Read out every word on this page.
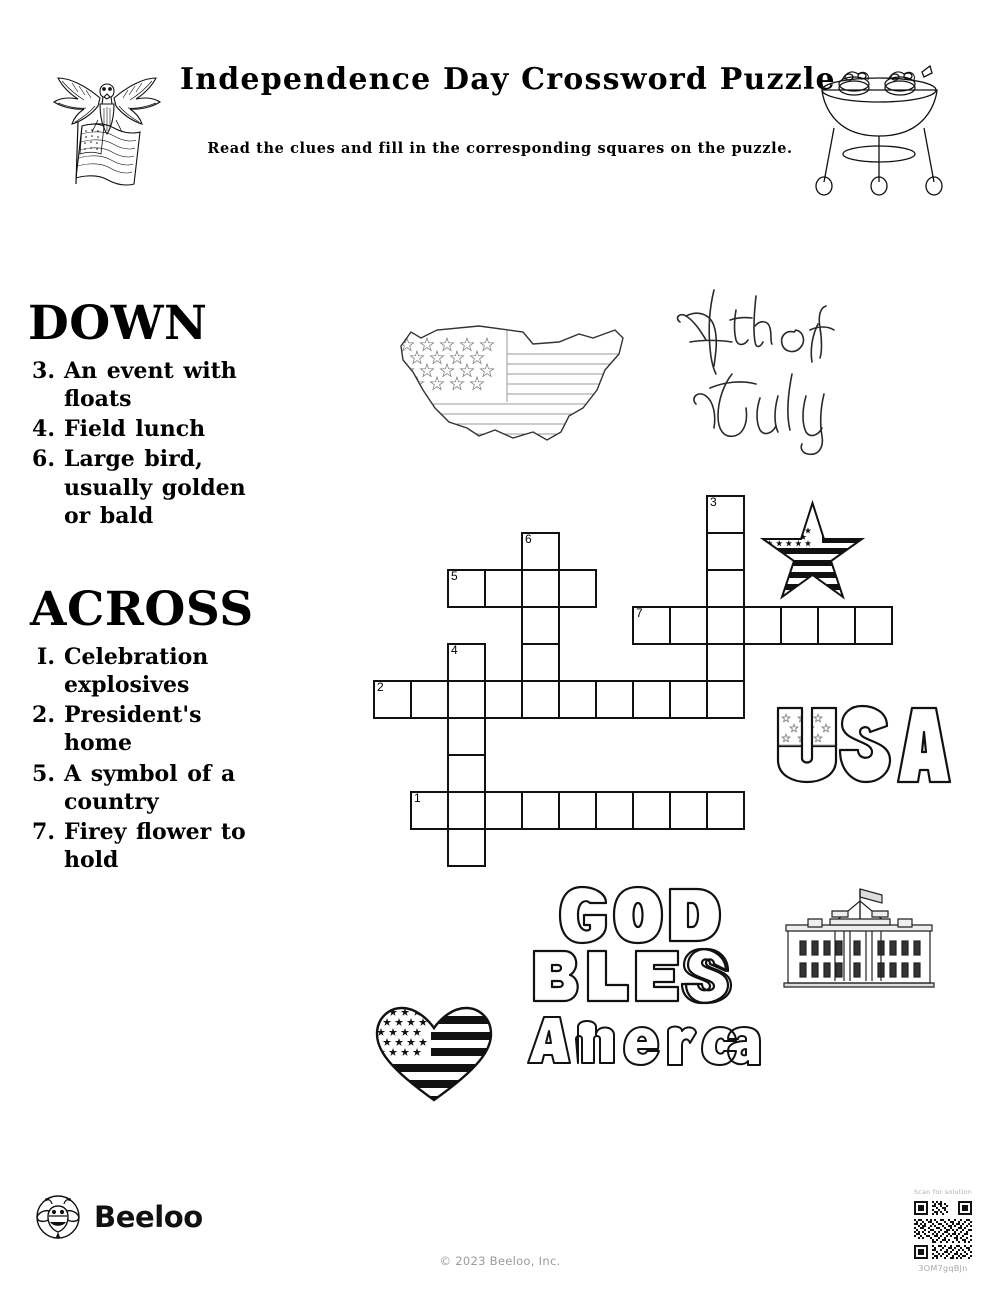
Independence Day Crossword Puzzle
Read the clues and fill in the corresponding squares on the puzzle.
DOWN
3. An event with floats
4. Field lunch
6. Large bird, usually golden or bald
ACROSS
I. Celebration explosives
2. President's home
5. A symbol of a country
7. Firey flower to hold
3
6
5
7
4
2
1
Beeloo
© 2023 Beeloo, Inc.
Scan for solution
3OM7gqBJn
